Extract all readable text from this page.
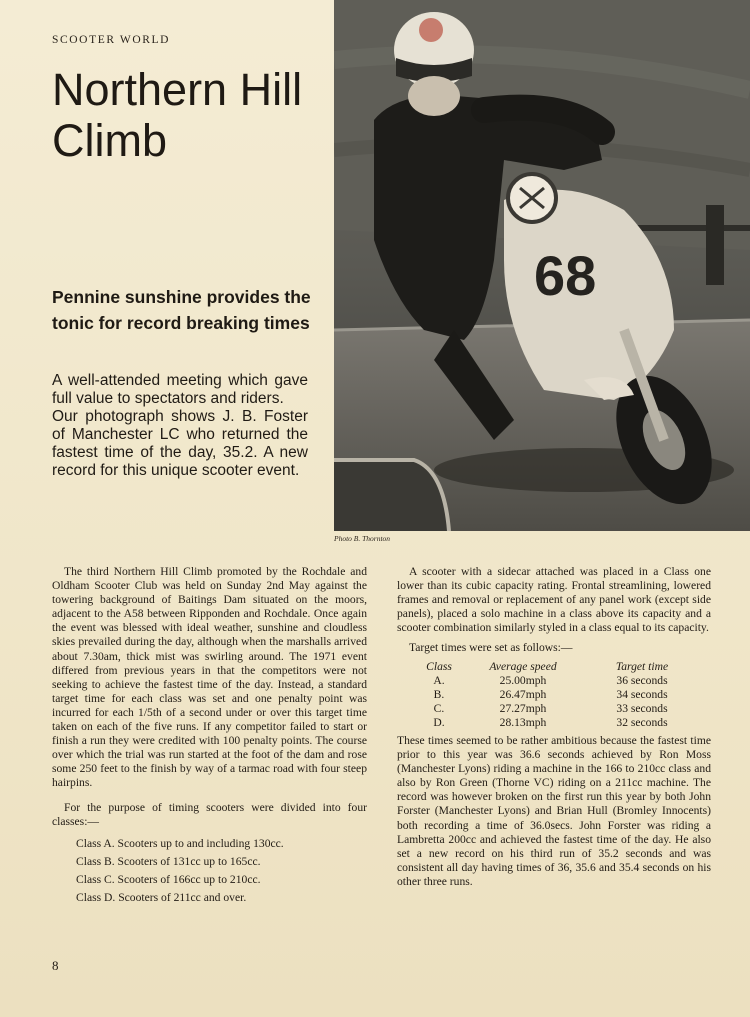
SCOOTER WORLD
Northern Hill Climb
Pennine sunshine provides the tonic for record breaking times

A well-attended meeting which gave full value to spectators and riders.

Our photograph shows J. B. Foster of Manchester LC who returned the fastest time of the day, 35.2. A new record for this unique scooter event.

68
Photo B. Thornton

The third Northern Hill Climb promoted by the Rochdale and Oldham Scooter Club was held on Sunday 2nd May against the towering background of Baitings Dam situated on the moors, adjacent to the A58 between Ripponden and Rochdale. Once again the event was blessed with ideal weather, sunshine and cloudless skies prevailed during the day, although when the marshalls arrived about 7.30am, thick mist was swirling around. The 1971 event differed from previous years in that the competitors were not seeking to achieve the fastest time of the day. Instead, a standard target time for each class was set and one penalty point was incurred for each 1/5th of a second under or over this target time taken on each of the five runs. If any competitor failed to start or finish a run they were credited with 100 penalty points. The course over which the trial was run started at the foot of the dam and rose some 250 feet to the finish by way of a tarmac road with four steep hairpins.

For the purpose of timing scooters were divided into four classes:—

Class A. Scooters up to and including 130cc.
Class B. Scooters of 131cc up to 165cc.
Class C. Scooters of 166cc up to 210cc.
Class D. Scooters of 211cc and over.

A scooter with a sidecar attached was placed in a Class one lower than its cubic capacity rating. Frontal streamlining, lowered frames and removal or replacement of any panel work (except side panels), placed a solo machine in a class above its capacity and a scooter combination similarly styled in a class equal to its capacity.

Target times were set as follows:—

Class	Average speed	Target time
A.	25.00mph	36 seconds
B.	26.47mph	34 seconds
C.	27.27mph	33 seconds
D.	28.13mph	32 seconds

These times seemed to be rather ambitious because the fastest time prior to this year was 36.6 seconds achieved by Ron Moss (Manchester Lyons) riding a machine in the 166 to 210cc class and also by Ron Green (Thorne VC) riding on a 211cc machine. The record was however broken on the first run this year by both John Forster (Manchester Lyons) and Brian Hull (Bromley Innocents) both recording a time of 36.0secs. John Forster was riding a Lambretta 200cc and achieved the fastest time of the day. He also set a new record on his third run of 35.2 seconds and was consistent all day having times of 36, 35.6 and 35.4 seconds on his other three runs.

8
